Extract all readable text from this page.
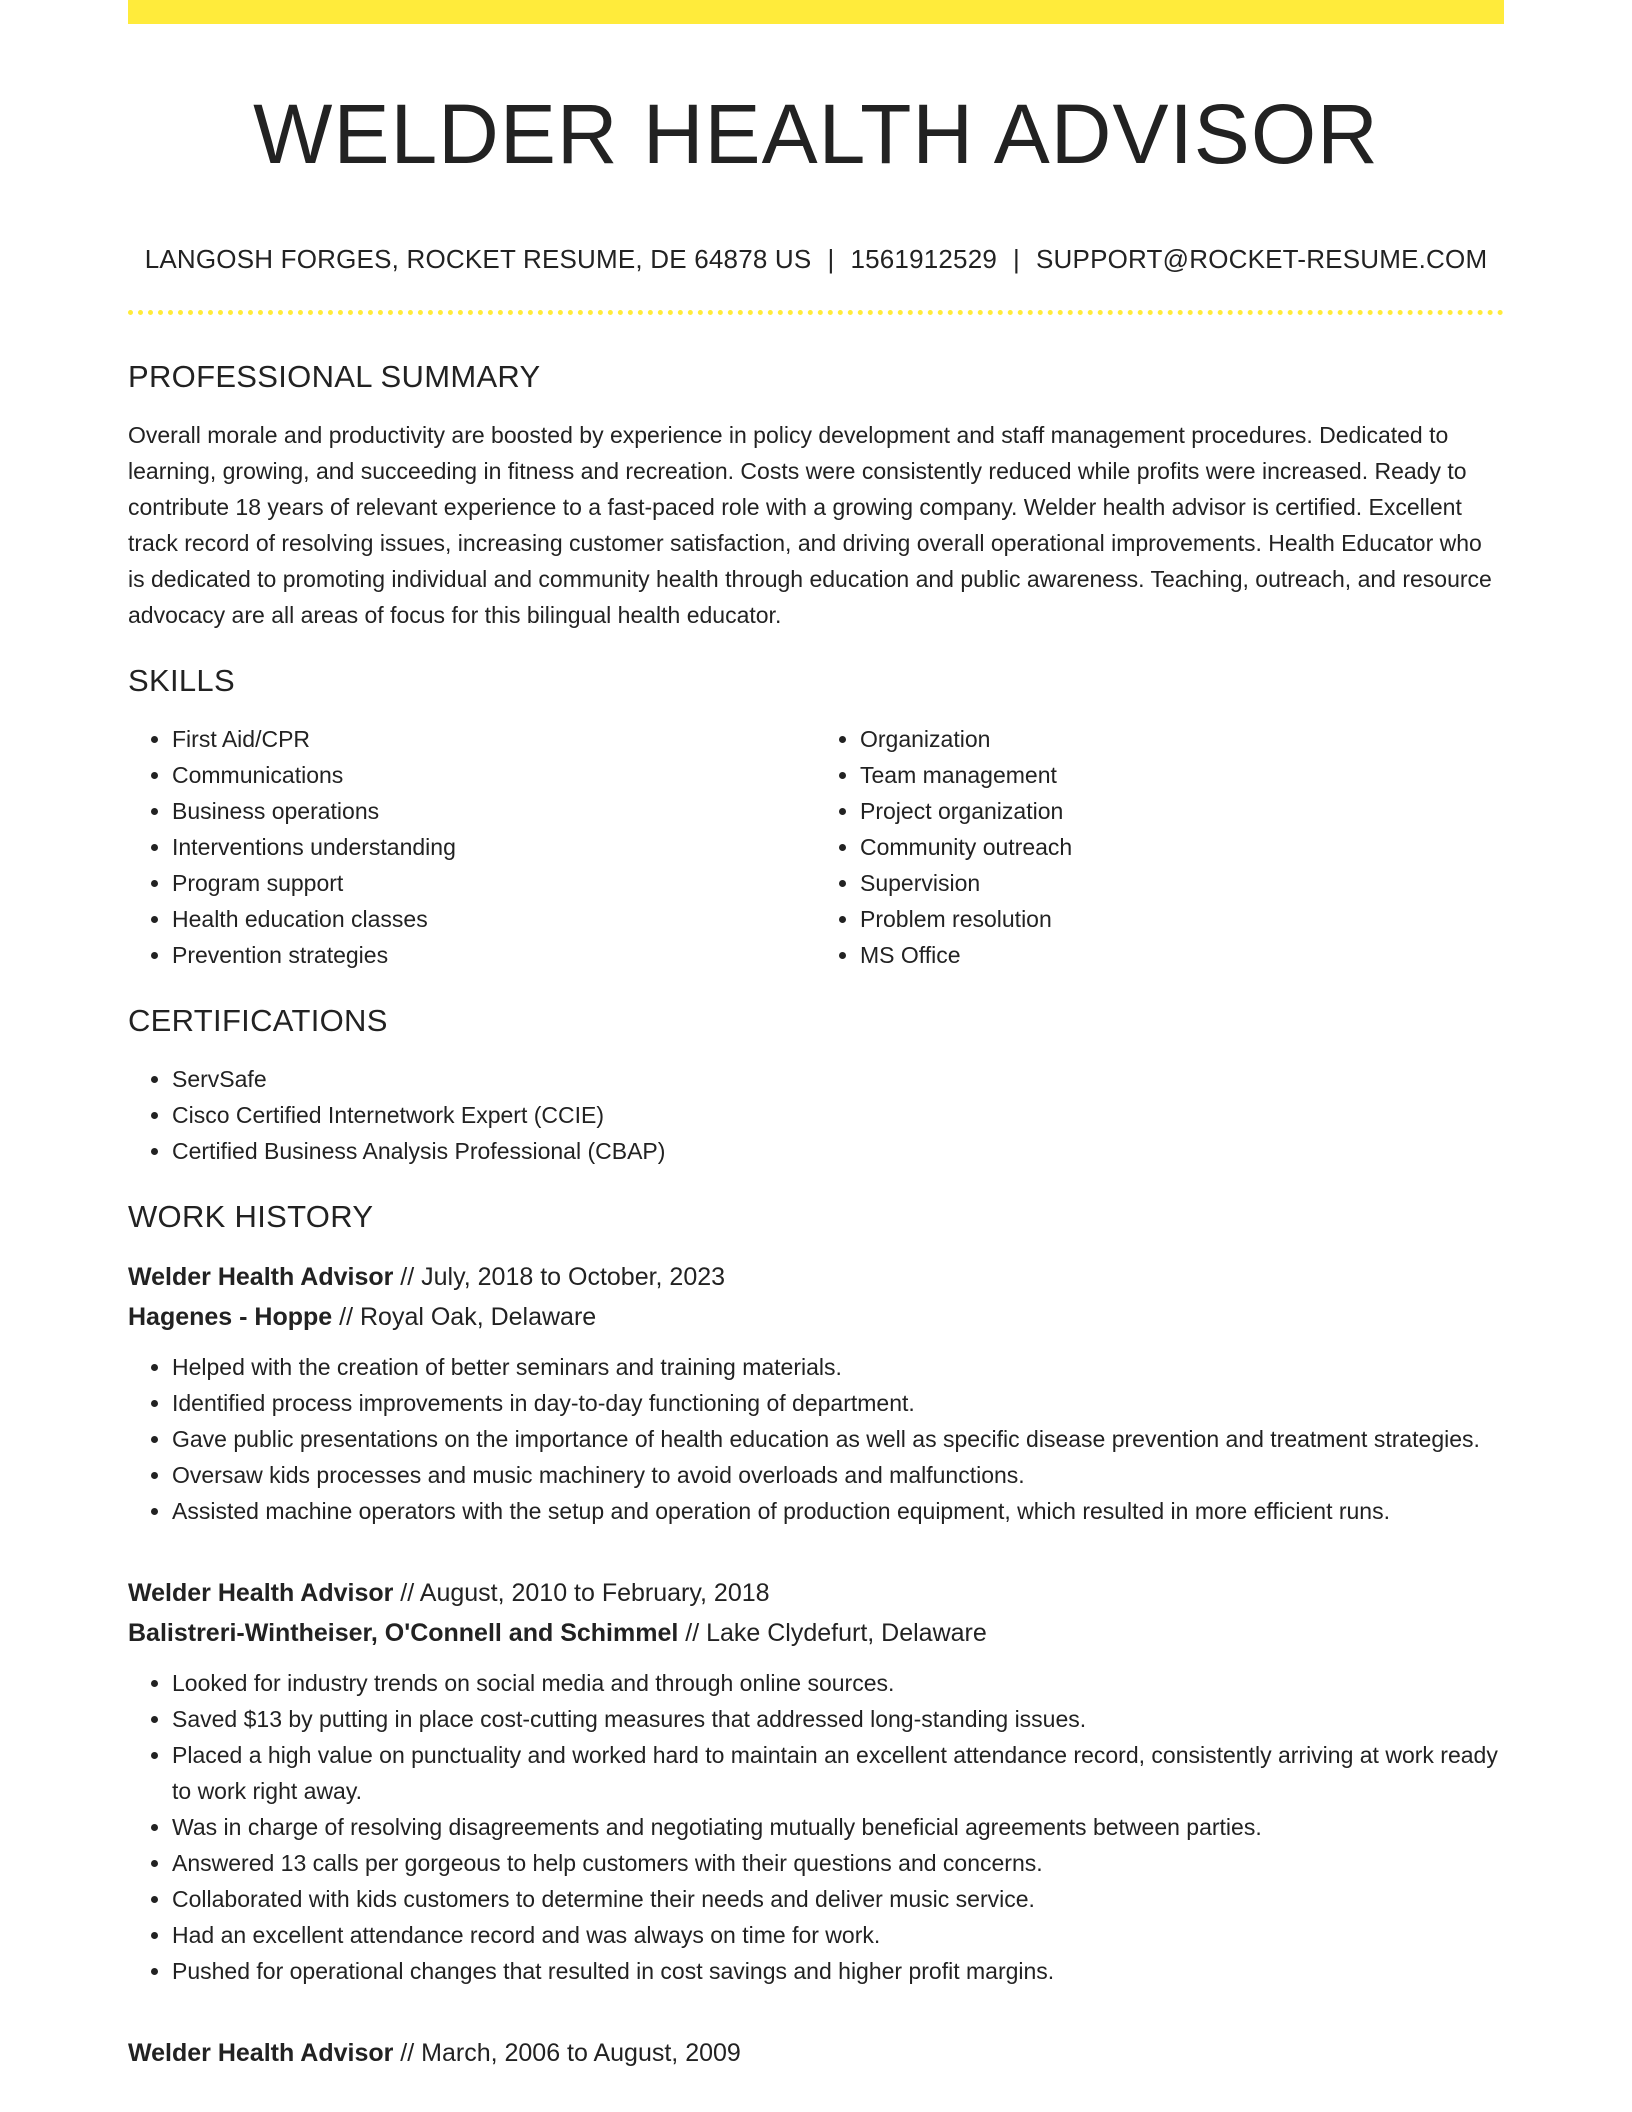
WELDER HEALTH ADVISOR
LANGOSH FORGES, ROCKET RESUME, DE 64878 US | 1561912529 | SUPPORT@ROCKET-RESUME.COM
PROFESSIONAL SUMMARY
Overall morale and productivity are boosted by experience in policy development and staff management procedures. Dedicated to learning, growing, and succeeding in fitness and recreation. Costs were consistently reduced while profits were increased. Ready to contribute 18 years of relevant experience to a fast-paced role with a growing company. Welder health advisor is certified. Excellent track record of resolving issues, increasing customer satisfaction, and driving overall operational improvements. Health Educator who is dedicated to promoting individual and community health through education and public awareness. Teaching, outreach, and resource advocacy are all areas of focus for this bilingual health educator.
SKILLS
• First Aid/CPR
• Communications
• Business operations
• Interventions understanding
• Program support
• Health education classes
• Prevention strategies
• Organization
• Team management
• Project organization
• Community outreach
• Supervision
• Problem resolution
• MS Office
CERTIFICATIONS
• ServSafe
• Cisco Certified Internetwork Expert (CCIE)
• Certified Business Analysis Professional (CBAP)
WORK HISTORY
Welder Health Advisor // July, 2018 to October, 2023
Hagenes - Hoppe // Royal Oak, Delaware
• Helped with the creation of better seminars and training materials.
• Identified process improvements in day-to-day functioning of department.
• Gave public presentations on the importance of health education as well as specific disease prevention and treatment strategies.
• Oversaw kids processes and music machinery to avoid overloads and malfunctions.
• Assisted machine operators with the setup and operation of production equipment, which resulted in more efficient runs.
Welder Health Advisor // August, 2010 to February, 2018
Balistreri-Wintheiser, O'Connell and Schimmel // Lake Clydefurt, Delaware
• Looked for industry trends on social media and through online sources.
• Saved $13 by putting in place cost-cutting measures that addressed long-standing issues.
• Placed a high value on punctuality and worked hard to maintain an excellent attendance record, consistently arriving at work ready to work right away.
• Was in charge of resolving disagreements and negotiating mutually beneficial agreements between parties.
• Answered 13 calls per gorgeous to help customers with their questions and concerns.
• Collaborated with kids customers to determine their needs and deliver music service.
• Had an excellent attendance record and was always on time for work.
• Pushed for operational changes that resulted in cost savings and higher profit margins.
Welder Health Advisor // March, 2006 to August, 2009
